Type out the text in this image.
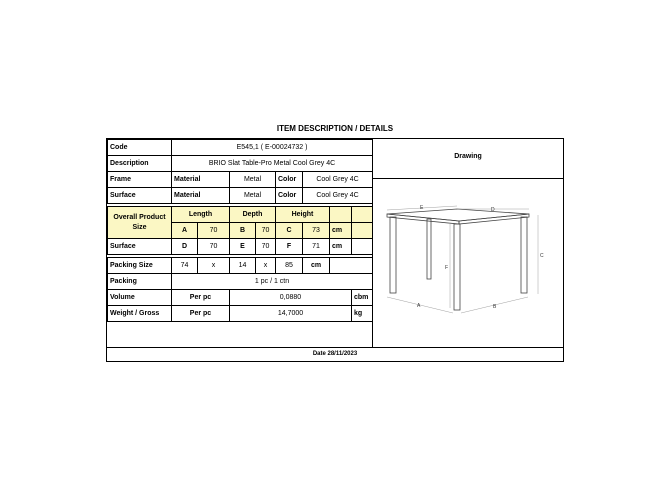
ITEM DESCRIPTION / DETAILS
Code	E545,1 ( E-00024732 )							
Description	BRIO Slat Table-Pro Metal Cool Grey 4C							
Frame	Material		Metal		Color	Cool Grey 4C		
Surface	Material		Metal		Color	Cool Grey 4C		

Overall Product Size	Length		Depth		Height			
	A	70	B	70	C	73	cm	
Surface	D	70	E	70	F	71	cm	

Packing Size	74	x	14	x	85	cm		
Packing	1 pc / 1 ctn							
Volume	Per pc		0,0880					cbm
Weight / Gross	Per pc		14,7000					kg
Drawing
A	B
C
D
E
F
Date 28/11/2023
